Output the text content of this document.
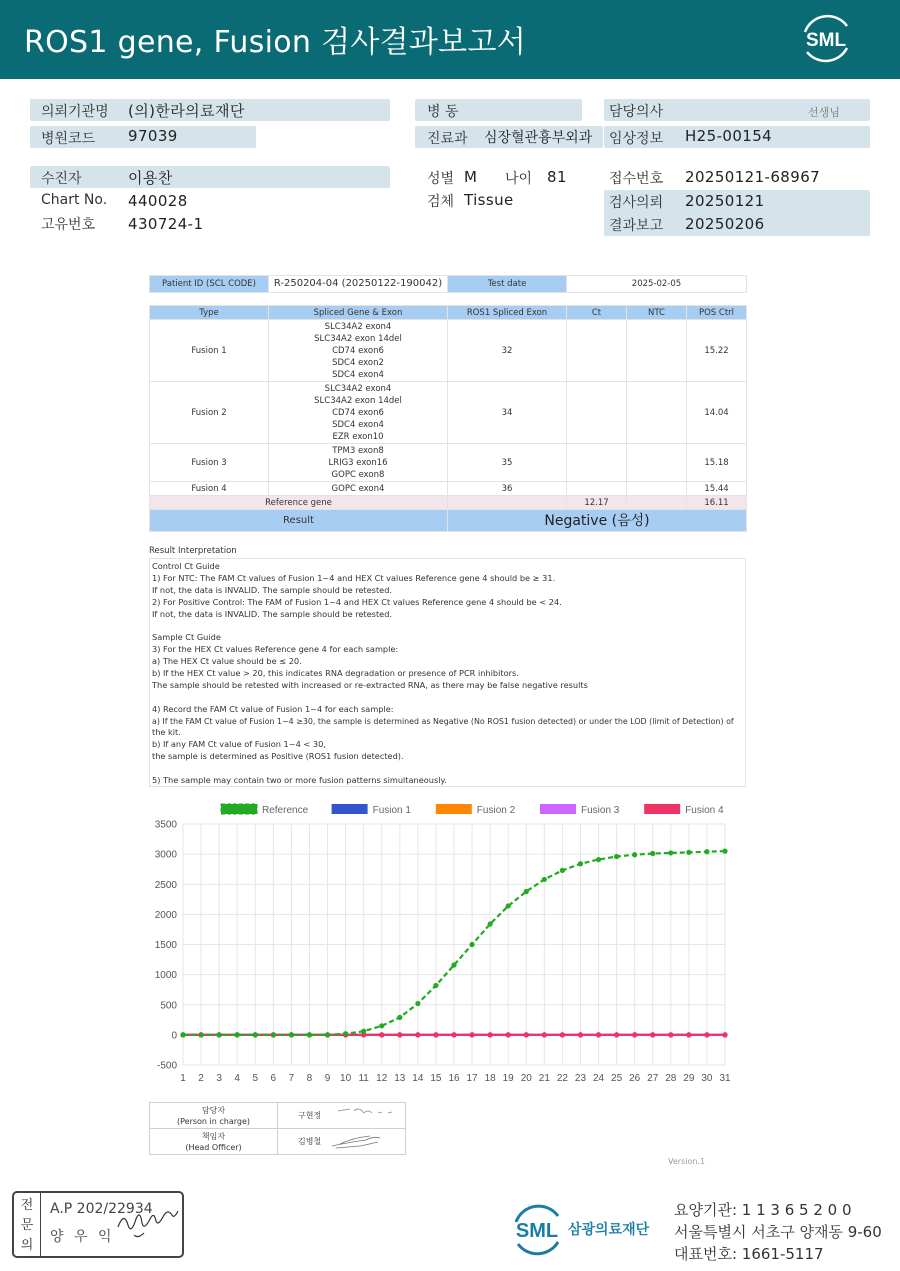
ROS1 gene, Fusion 검사결과보고서	SML
의뢰기관명 (의)한라의료재단
병원코드 97039
병 동
진료과 심장혈관흉부외과
담당의사	선생님
임상정보 H25-00154
수진자	이용찬
Chart No. 440028
고유번호 430724-1
성별 M 나이 81
검체 Tissue
접수번호 20250121-68967
검사의뢰 20250121
결과보고 20250206
Patient ID (SCL CODE)	R-250204-04 (20250122-190042)	Test date	2025-02-05
Type	Spliced Gene & Exon	ROS1 Spliced Exon	Ct	NTC	POS Ctrl
Fusion 1	SLC34A2 exon4
SLC34A2 exon 14del
CD74 exon6
SDC4 exon2
SDC4 exon4	32			15.22
Fusion 2	SLC34A2 exon4
SLC34A2 exon 14del
CD74 exon6
SDC4 exon4
EZR exon10	34			14.04
Fusion 3	TPM3 exon8
LRIG3 exon16
GOPC exon8	35			15.18
Fusion 4	GOPC exon4	36			15.44
Reference gene			12.17		16.11
Result		Negative (음성)			
Result Interpretation
Control Ct Guide
1) For NTC: The FAM Ct values of Fusion 1~4 and HEX Ct values Reference gene 4 should be ≥ 31.
If not, the data is INVALID. The sample should be retested.
2) For Positive Control: The FAM of Fusion 1~4 and HEX Ct values Reference gene 4 should be < 24.
If not, the data is INVALID. The sample should be retested.
Sample Ct Guide
3) For the HEX Ct values Reference gene 4 for each sample:
a) The HEX Ct value should be ≤ 20.
b) If the HEX Ct value > 20, this indicates RNA degradation or presence of PCR inhibitors.
The sample should be retested with increased or re-extracted RNA, as there may be false negative results
4) Record the FAM Ct value of Fusion 1~4 for each sample:
a) If the FAM Ct value of Fusion 1~4 ≥30, the sample is determined as Negative (No ROS1 fusion detected) or under the LOD (limit of Detection) of
the kit.
b) If any FAM Ct value of Fusion 1~4 < 30,
the sample is determined as Positive (ROS1 fusion detected).
5) The sample may contain two or more fusion patterns simultaneously.
-500
0
500
1000
1500
2000
2500
3000
3500
1 2 3 4 5 6 7 8 9 10 11 12 13 14 15 16 17 18 19 20 21 22 23 24 25 26 27 28 29 30 31
Reference	Fusion 1	Fusion 2	Fusion 3	Fusion 4
담당자
(Person in charge)	구현정

책임자
(Head Officer)	김병철
Version.1
전
문
의
A.P 202/22934
양 우 익	SML 삼광의료재단
요양기관: 1 1 3 6 5 2 0 0
서울특별시 서초구 양재동 9-60
대표번호: 1661-5117
